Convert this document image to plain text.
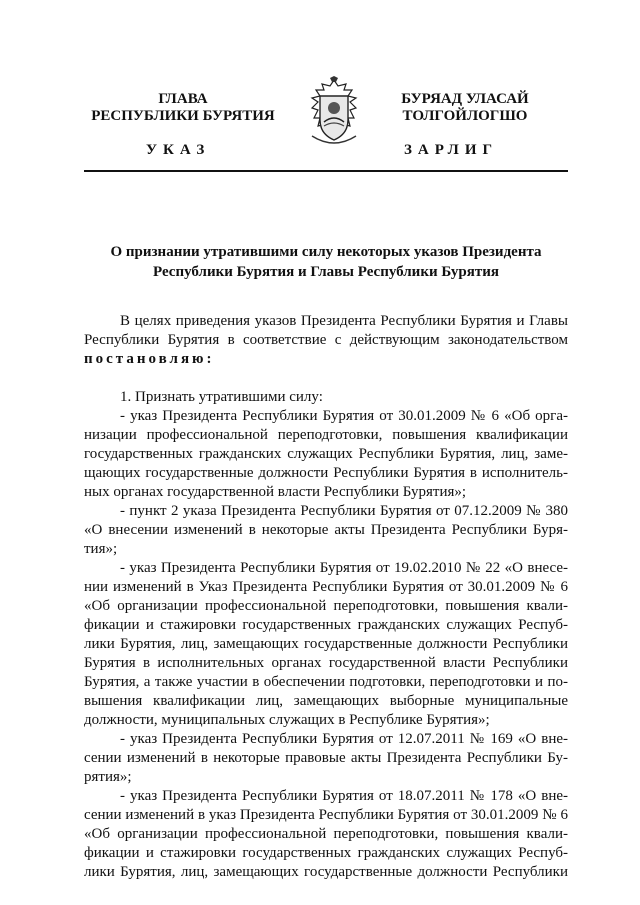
ГЛАВА
РЕСПУБЛИКИ БУРЯТИЯ
БУРЯАД УЛАСАЙ
ТОЛГОЙЛОГШО
УКАЗ	ЗАРЛИГ
О признании утратившими силу некоторых указов Президента
Республики Бурятия и Главы Республики Бурятия
В целях приведения указов Президента Республики Бурятия и Главы
Республики Бурятия в соответствие с действующим законодательством
постановляю:
1. Признать утратившими силу:
- указ Президента Республики Бурятия от 30.01.2009 № 6 «Об орга-
низации профессиональной переподготовки, повышения квалификации
государственных гражданских служащих Республики Бурятия, лиц, заме-
щающих государственные должности Республики Бурятия в исполнитель-
ных органах государственной власти Республики Бурятия»;
- пункт 2 указа Президента Республики Бурятия от 07.12.2009 № 380
«О внесении изменений в некоторые акты Президента Республики Буря-
тия»;
- указ Президента Республики Бурятия от 19.02.2010 № 22 «О внесе-
нии изменений в Указ Президента Республики Бурятия от 30.01.2009 № 6
«Об организации профессиональной переподготовки, повышения квали-
фикации и стажировки государственных гражданских служащих Респуб-
лики Бурятия, лиц, замещающих государственные должности Республики
Бурятия в исполнительных органах государственной власти Республики
Бурятия, а также участии в обеспечении подготовки, переподготовки и по-
вышения квалификации лиц, замещающих выборные муниципальные
должности, муниципальных служащих в Республике Бурятия»;
- указ Президента Республики Бурятия от 12.07.2011 № 169 «О вне-
сении изменений в некоторые правовые акты Президента Республики Бу-
рятия»;
- указ Президента Республики Бурятия от 18.07.2011 № 178 «О вне-
сении изменений в указ Президента Республики Бурятия от 30.01.2009 № 6
«Об организации профессиональной переподготовки, повышения квали-
фикации и стажировки государственных гражданских служащих Респуб-
лики Бурятия, лиц, замещающих государственные должности Республики
